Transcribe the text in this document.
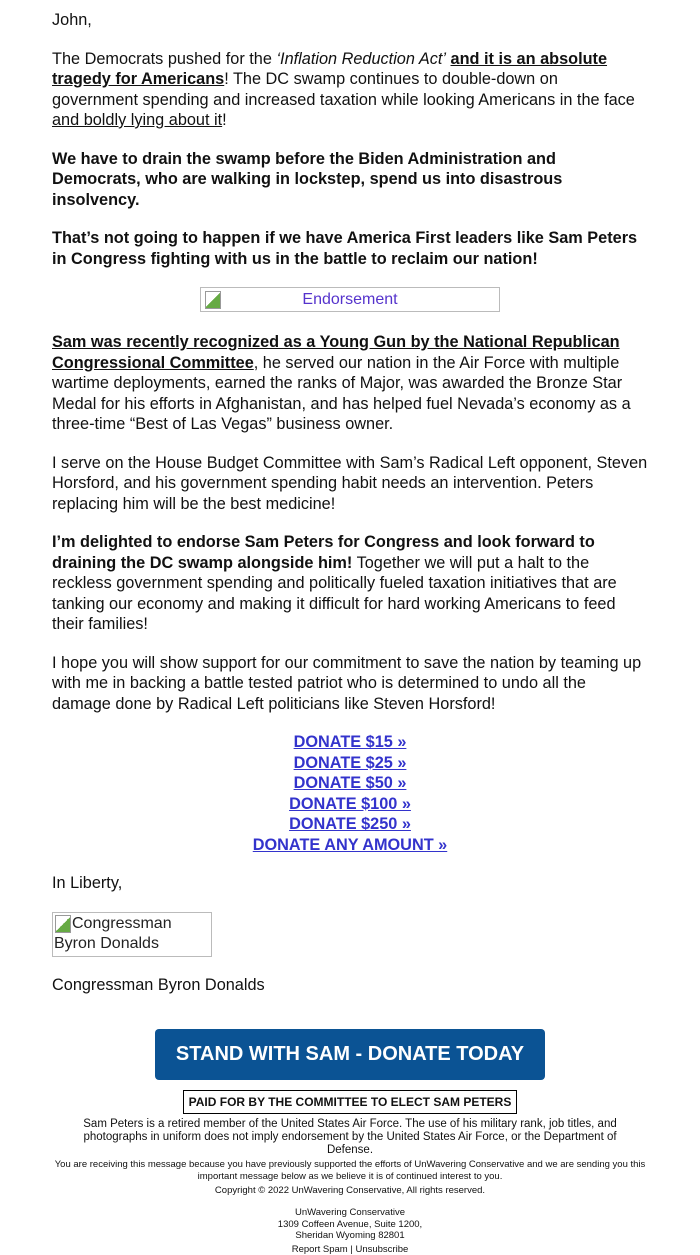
John,

The Democrats pushed for the ‘Inflation Reduction Act’ and it is an absolute tragedy for Americans! The DC swamp continues to double-down on government spending and increased taxation while looking Americans in the face and boldly lying about it!

We have to drain the swamp before the Biden Administration and Democrats, who are walking in lockstep, spend us into disastrous insolvency.

That’s not going to happen if we have America First leaders like Sam Peters in Congress fighting with us in the battle to reclaim our nation!

Endorsement

Sam was recently recognized as a Young Gun by the National Republican Congressional Committee, he served our nation in the Air Force with multiple wartime deployments, earned the ranks of Major, was awarded the Bronze Star Medal for his efforts in Afghanistan, and has helped fuel Nevada’s economy as a three-time “Best of Las Vegas” business owner.

I serve on the House Budget Committee with Sam’s Radical Left opponent, Steven Horsford, and his government spending habit needs an intervention. Peters replacing him will be the best medicine!

I’m delighted to endorse Sam Peters for Congress and look forward to draining the DC swamp alongside him! Together we will put a halt to the reckless government spending and politically fueled taxation initiatives that are tanking our economy and making it difficult for hard working Americans to feed their families!

I hope you will show support for our commitment to save the nation by teaming up with me in backing a battle tested patriot who is determined to undo all the damage done by Radical Left politicians like Steven Horsford!

DONATE $15 »
DONATE $25 »
DONATE $50 »
DONATE $100 »
DONATE $250 »
DONATE ANY AMOUNT »

In Liberty,

Congressman Byron Donalds

Congressman Byron Donalds

STAND WITH SAM - DONATE TODAY
PAID FOR BY THE COMMITTEE TO ELECT SAM PETERS
Sam Peters is a retired member of the United States Air Force. The use of his military rank, job titles, and photographs in uniform does not imply endorsement by the United States Air Force, or the Department of Defense.
You are receiving this message because you have previously supported the efforts of UnWavering Conservative and we are sending you this important message below as we believe it is of continued interest to you.
Copyright © 2022 UnWavering Conservative, All rights reserved.
UnWavering Conservative
1309 Coffeen Avenue, Suite 1200,
Sheridan Wyoming 82801
Report Spam | Unsubscribe
